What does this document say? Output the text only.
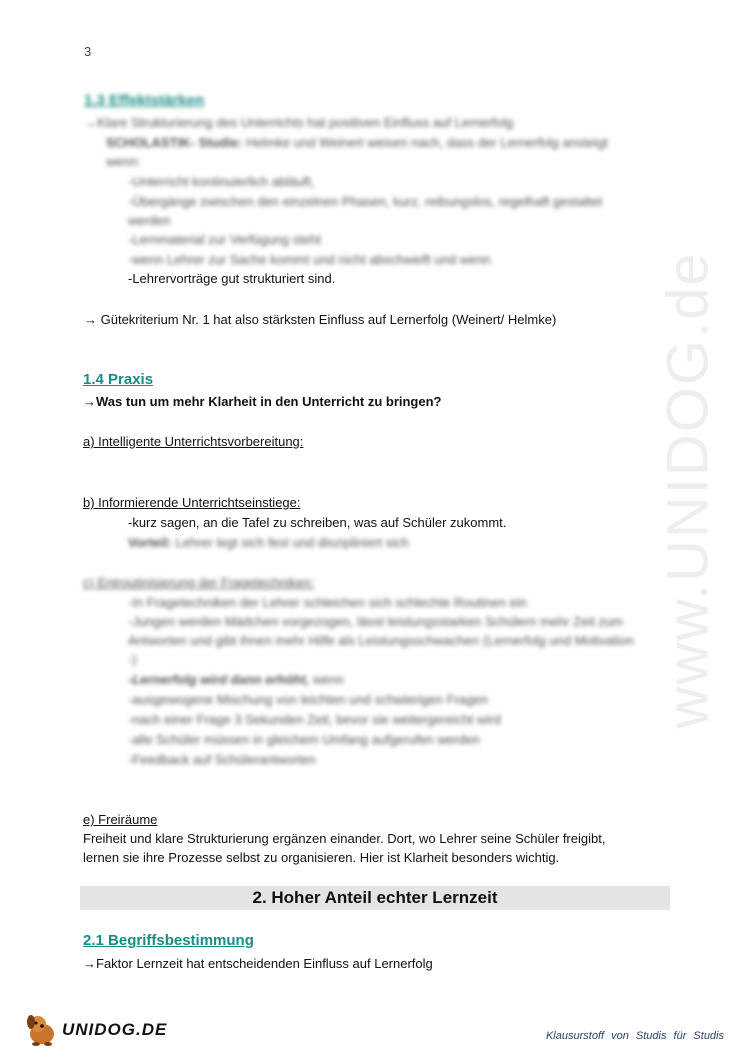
www.UNIDOG.de
3
1.3 Effektstärken
→Klare Strukturierung des Unterrichts hat positiven Einfluss auf Lernerfolg
SCHOLASTIK- Studie: Helmke und Weinert weisen nach, dass der Lernerfolg ansteigt
wenn:
-Unterricht kontinuierlich abläuft,
-Übergänge zwischen den einzelnen Phasen, kurz, reibungslos, regelhaft gestaltet
werden
-Lernmaterial zur Verfügung steht
-wenn Lehrer zur Sache kommt und nicht abschweift und wenn
-Lehrervorträge gut strukturiert sind.
→ Gütekriterium Nr. 1 hat also stärksten Einfluss auf Lernerfolg (Weinert/ Helmke)
1.4 Praxis
→Was tun um mehr Klarheit in den Unterricht zu bringen?
a) Intelligente Unterrichtsvorbereitung:
b) Informierende Unterrichtseinstiege:
-kurz sagen, an die Tafel zu schreiben, was auf Schüler zukommt.
Vorteil: Lehrer legt sich fest und diszipliniert sich
c) Entroutinisierung der Fragetechniken:
-In Fragetechniken der Lehrer schleichen sich schlechte Routinen ein
-Jungen werden Mädchen vorgezogen, lässt leistungsstarken Schülern mehr Zeit zum
Antworten und gibt ihnen mehr Hilfe als Leistungsschwachen (Lernerfolg und Motivation
-)
-Lernerfolg wird dann erhöht, wenn
-ausgewogene Mischung von leichten und schwierigen Fragen
-nach einer Frage 3 Sekunden Zeit, bevor sie weitergereicht wird
-alle Schüler müssen in gleichem Umfang aufgerufen werden
-Feedback auf Schülerantworten
e) Freiräume
Freiheit und klare Strukturierung ergänzen einander. Dort, wo Lehrer seine Schüler freigibt,
lernen sie ihre Prozesse selbst zu organisieren. Hier ist Klarheit besonders wichtig.
2. Hoher Anteil echter Lernzeit
2.1 Begriffsbestimmung
→Faktor Lernzeit hat entscheidenden Einfluss auf Lernerfolg
UNIDOG.DE	Klausurstoff von Studis für Studis
